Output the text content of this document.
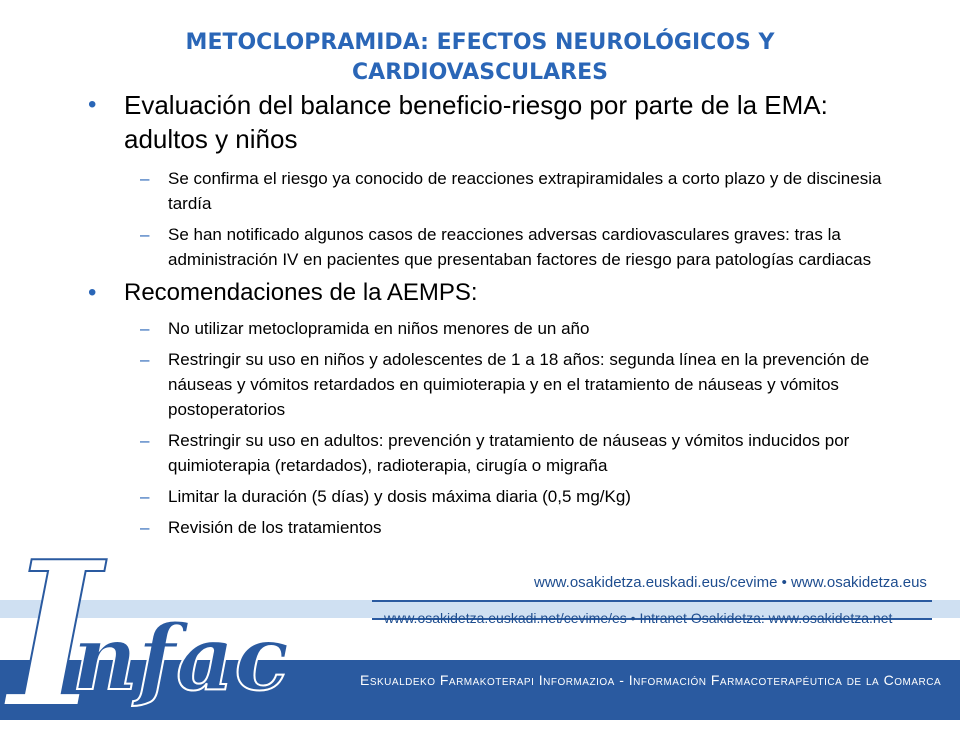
www.osakidetza.euskadi.eus/cevime • www.osakidetza.eus
www.osakidetza.euskadi.net/cevime/es • Intranet Osakidetza: www.osakidetza.net
Eskualdeko Farmakoterapi Informazioa - Información Farmacoterapéutica de la Comarca
I
nfac
METOCLOPRAMIDA: EFECTOS NEUROLÓGICOS Y CARDIOVASCULARES
• Evaluación del balance beneficio-riesgo por parte de la EMA: adultos y niños
– Se confirma el riesgo ya conocido de reacciones extrapiramidales a corto plazo y de discinesia tardía
– Se han notificado algunos casos de reacciones adversas cardiovasculares graves: tras la administración IV en pacientes que presentaban factores de riesgo para patologías cardiacas
• Recomendaciones de la AEMPS:
– No utilizar metoclopramida en niños menores de un año
– Restringir su uso en niños y adolescentes de 1 a 18 años: segunda línea en la prevención de náuseas y vómitos retardados en quimioterapia y en el tratamiento de náuseas y vómitos postoperatorios
– Restringir su uso en adultos: prevención y tratamiento de náuseas y vómitos inducidos por quimioterapia (retardados), radioterapia, cirugía o migraña
– Limitar la duración (5 días) y dosis máxima diaria (0,5 mg/Kg)
– Revisión de los tratamientos
